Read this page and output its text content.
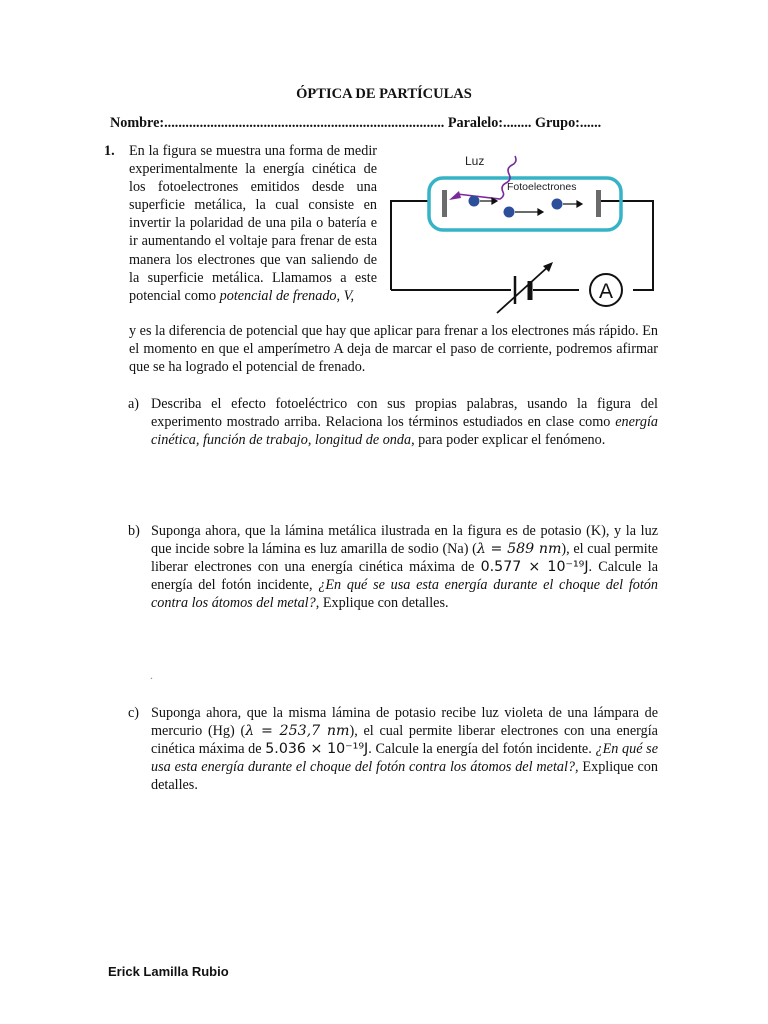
ÓPTICA DE PARTÍCULAS
Nombre:............................................................................... Paralelo:........ Grupo:......
1. En la figura se muestra una forma de medir experimentalmente la energía cinética de los fotoelectrones emitidos desde una superficie metálica, la cual consiste en invertir la polaridad de una pila o batería e ir aumentando el voltaje para frenar de esta manera los electrones que van saliendo de la superficie metálica. Llamamos a este potencial como potencial de frenado, V,
y es la diferencia de potencial que hay que aplicar para frenar a los electrones más rápido. En el momento en que el amperímetro A deja de marcar el paso de corriente, podremos afirmar que se ha logrado el potencial de frenado.
Luz
Fotoelectrones
A
a) Describa el efecto fotoeléctrico con sus propias palabras, usando la figura del experimento mostrado arriba. Relaciona los términos estudiados en clase como energía cinética, función de trabajo, longitud de onda, para poder explicar el fenómeno.
b) Suponga ahora, que la lámina metálica ilustrada en la figura es de potasio (K), y la luz que incide sobre la lámina es luz amarilla de sodio (Na) (λ = 589 nm), el cual permite liberar electrones con una energía cinética máxima de 0.577 × 10⁻¹⁹J. Calcule la energía del fotón incidente, ¿En qué se usa esta energía durante el choque del fotón contra los átomos del metal?, Explique con detalles.
.
c) Suponga ahora, que la misma lámina de potasio recibe luz violeta de una lámpara de mercurio (Hg) (λ = 253,7 nm), el cual permite liberar electrones con una energía cinética máxima de 5.036 × 10⁻¹⁹J. Calcule la energía del fotón incidente. ¿En qué se usa esta energía durante el choque del fotón contra los átomos del metal?, Explique con detalles.
Erick Lamilla Rubio
